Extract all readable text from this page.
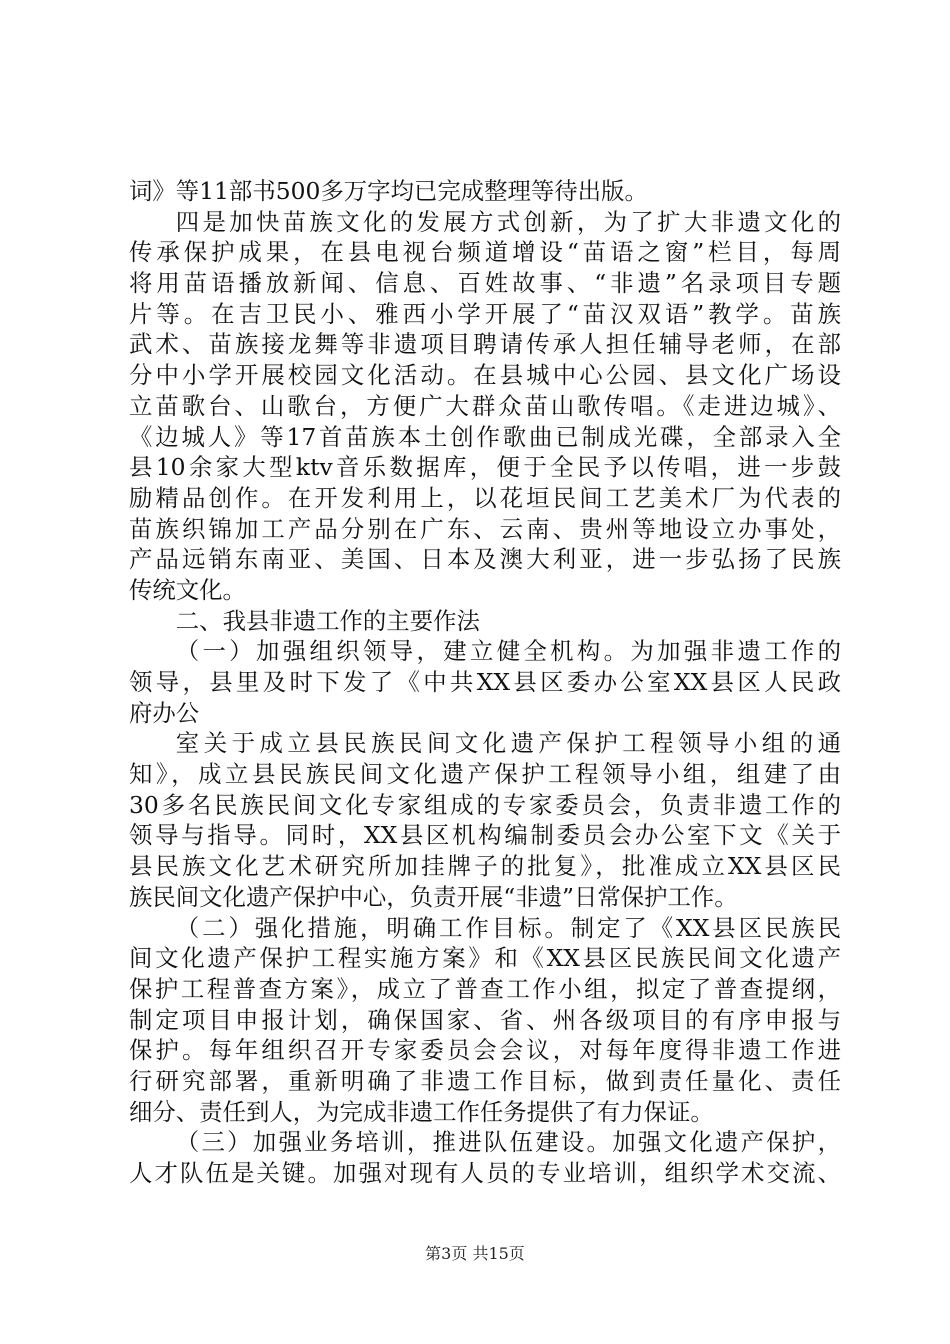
词》等11部书500多万字均已完成整理等待出版。
四是加快苗族文化的发展方式创新，为了扩大非遗文化的
传承保护成果，在县电视台频道增设“苗语之窗”栏目，每周
将用苗语播放新闻、信息、百姓故事、“非遗”名录项目专题
片等。在吉卫民小、雅西小学开展了“苗汉双语”教学。苗族
武术、苗族接龙舞等非遗项目聘请传承人担任辅导老师，在部
分中小学开展校园文化活动。在县城中心公园、县文化广场设
立苗歌台、山歌台，方便广大群众苗山歌传唱。《走进边城》、
《边城人》等17首苗族本土创作歌曲已制成光碟，全部录入全
县10余家大型ktv音乐数据库，便于全民予以传唱，进一步鼓
励精品创作。在开发利用上，以花垣民间工艺美术厂为代表的
苗族织锦加工产品分别在广东、云南、贵州等地设立办事处，
产品远销东南亚、美国、日本及澳大利亚，进一步弘扬了民族
传统文化。
二、我县非遗工作的主要作法
（一）加强组织领导，建立健全机构。为加强非遗工作的
领导，县里及时下发了《中共XX县区委办公室XX县区人民政
府办公
室关于成立县民族民间文化遗产保护工程领导小组的通
知》，成立县民族民间文化遗产保护工程领导小组，组建了由
30多名民族民间文化专家组成的专家委员会，负责非遗工作的
领导与指导。同时，XX县区机构编制委员会办公室下文《关于
县民族文化艺术研究所加挂牌子的批复》，批准成立XX县区民
族民间文化遗产保护中心，负责开展“非遗”日常保护工作。
（二）强化措施，明确工作目标。制定了《XX县区民族民
间文化遗产保护工程实施方案》和《XX县区民族民间文化遗产
保护工程普查方案》，成立了普查工作小组，拟定了普查提纲，
制定项目申报计划，确保国家、省、州各级项目的有序申报与
保护。每年组织召开专家委员会会议，对每年度得非遗工作进
行研究部署，重新明确了非遗工作目标，做到责任量化、责任
细分、责任到人，为完成非遗工作任务提供了有力保证。
（三）加强业务培训，推进队伍建设。加强文化遗产保护，
人才队伍是关键。加强对现有人员的专业培训，组织学术交流、
第3页 共15页
